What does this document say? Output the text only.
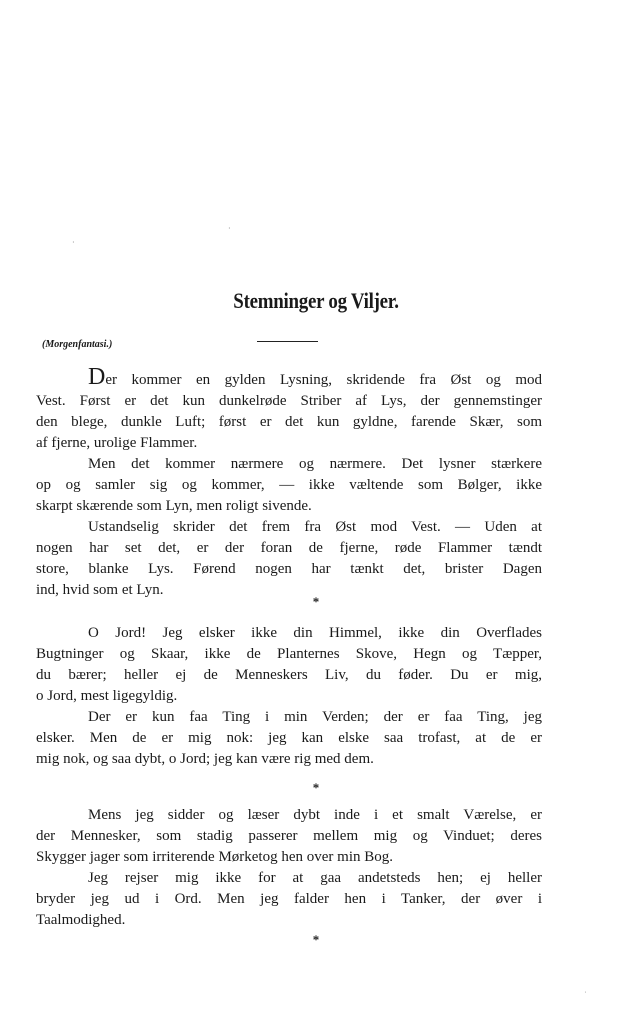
·
·
Stemninger og Viljer.
(Morgenfantasi.)
Der kommer en gylden Lysning, skridende fra Øst og mod
Vest. Først er det kun dunkelrøde Striber af Lys, der gennemstinger
den blege, dunkle Luft; først er det kun gyldne, farende Skær, som
af fjerne, urolige Flammer.
Men det kommer nærmere og nærmere. Det lysner stærkere
op og samler sig og kommer, — ikke væltende som Bølger, ikke
skarpt skærende som Lyn, men roligt sivende.
Ustandselig skrider det frem fra Øst mod Vest. — Uden at
nogen har set det, er der foran de fjerne, røde Flammer tændt
store, blanke Lys. Førend nogen har tænkt det, brister Dagen
ind, hvid som et Lyn.
*
O Jord! Jeg elsker ikke din Himmel, ikke din Overflades
Bugtninger og Skaar, ikke de Planternes Skove, Hegn og Tæpper,
du bærer; heller ej de Menneskers Liv, du føder. Du er mig,
o Jord, mest ligegyldig.
Der er kun faa Ting i min Verden; der er faa Ting, jeg
elsker. Men de er mig nok: jeg kan elske saa trofast, at de er
mig nok, og saa dybt, o Jord; jeg kan være rig med dem.
*
Mens jeg sidder og læser dybt inde i et smalt Værelse, er
der Mennesker, som stadig passerer mellem mig og Vinduet; deres
Skygger jager som irriterende Mørketog hen over min Bog.
Jeg rejser mig ikke for at gaa andetsteds hen; ej heller
bryder jeg ud i Ord. Men jeg falder hen i Tanker, der øver i
Taalmodighed.
*
˙
